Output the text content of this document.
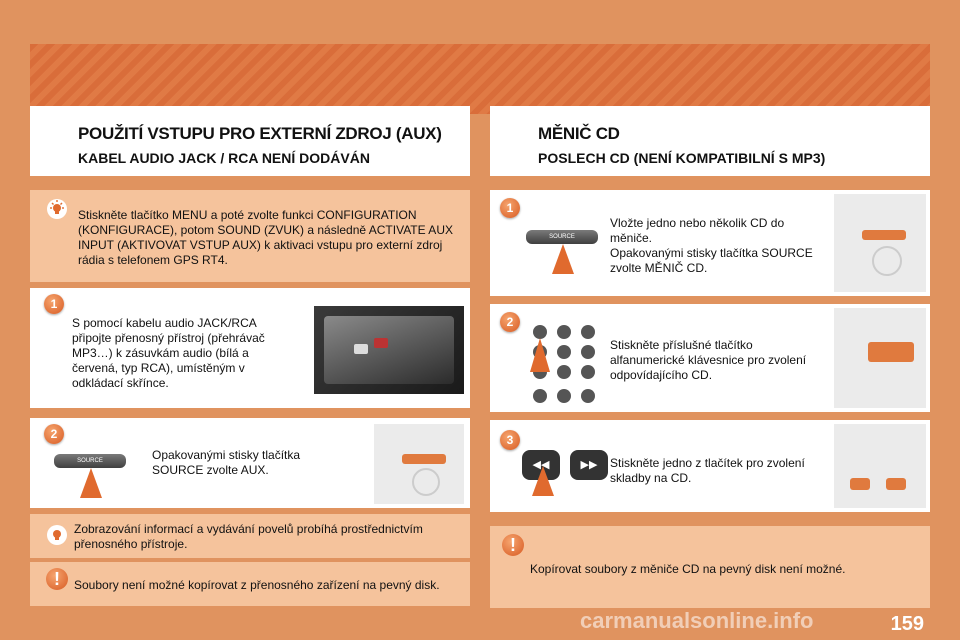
POUŽITÍ VSTUPU PRO EXTERNÍ ZDROJ (AUX)
KABEL AUDIO JACK / RCA NENÍ DODÁVÁN
MĚNIČ CD
POSLECH CD (NENÍ KOMPATIBILNÍ S MP3)
Stiskněte tlačítko MENU a poté zvolte funkci CONFIGURATION (KONFIGURACE), potom SOUND (ZVUK) a následně ACTIVATE AUX INPUT (AKTIVOVAT VSTUP AUX) k aktivaci vstupu pro externí zdroj rádia s telefonem GPS RT4.
1
S pomocí kabelu audio JACK/RCA připojte přenosný přístroj (přehrávač MP3…) k zásuvkám audio (bílá a červená, typ RCA), umístěným v odkládací skřínce.
2
SOURCE	Opakovanými stisky tlačítka SOURCE zvolte AUX.
Zobrazování informací a vydávání povelů probíhá prostřednictvím přenosného přístroje.
!	Soubory není možné kopírovat z přenosného zařízení na pevný disk.
1
SOURCE
Vložte jedno nebo několik CD do měniče.
Opakovanými stisky tlačítka SOURCE zvolte MĚNIČ CD.
2
Stiskněte příslušné tlačítko alfanumerické klávesnice pro zvolení odpovídajícího CD.
3
◀◀	▶▶	Stiskněte jedno z tlačítek pro zvolení skladby na CD.
!
Kopírovat soubory z měniče CD na pevný disk není možné.
159
carmanualsonline.info
